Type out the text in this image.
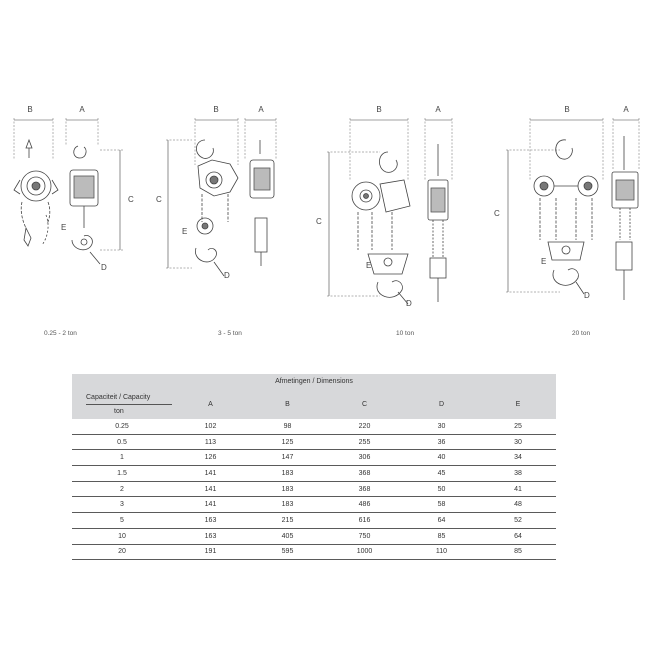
B	A
C
E
D
B	A
C
E
D
B	A
C
E
D
B	A
C
E
D
0.25 - 2 ton	3 - 5 ton	10 ton	20 ton
Afmetingen / Dimensions					

Capaciteit / Capacity
ton	A	B	C	D	E
0.25	102	98	220	30	25
0.5	113	125	255	36	30
1	126	147	306	40	34
1.5	141	183	368	45	38
2	141	183	368	50	41
3	141	183	486	58	48
5	163	215	616	64	52
10	163	405	750	85	64
20	191	595	1000	110	85
